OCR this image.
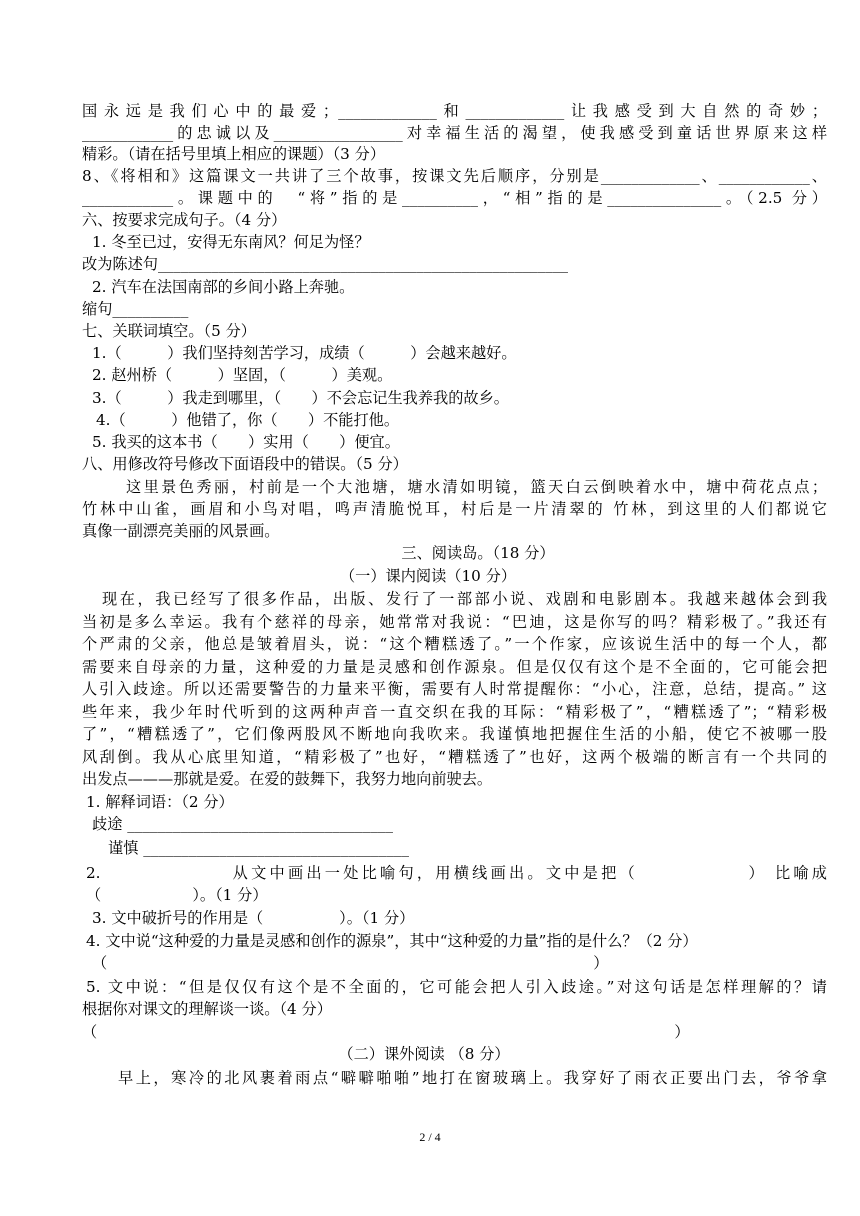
国永远是我们心中的最爱；_____________和_____________让我感受到大自然的奇妙；
____________的忠诚以及_________________对幸福生活的渴望，使我感受到童话世界原来这样
精彩。（请在括号里填上相应的课题）（3 分）
8、《将相和》这篇课文一共讲了三个故事，按课文先后顺序，分别是_____________、____________、
____________。课题中的　“将”指的是__________，“相”指的是_______________。（2.5 分）
六、按要求完成句子。（4 分）
1. 冬至已过，安得无东南风？何足为怪？
改为陈述句______________________________________________________
2. 汽车在法国南部的乡间小路上奔驰。
缩句__________
七、关联词填空。（5 分）
1.（　　　）我们坚持刻苦学习，成绩（　　　）会越来越好。
2. 赵州桥（　　　）坚固，（　　　）美观。
3.（　　　）我走到哪里，（　　）不会忘记生我养我的故乡。
4.（　　　）他错了，你（　　）不能打他。
5. 我买的这本书（　　）实用（　　）便宜。
八、用修改符号修改下面语段中的错误。（5 分）
这里景色秀丽，村前是一个大池塘，塘水清如明镜，篮天白云倒映着水中，塘中荷花点点；
竹林中山雀，画眉和小鸟对唱，鸣声清脆悦耳，村后是一片清翠的 竹林，到这里的人们都说它
真像一副漂亮美丽的风景画。
三、阅读岛。（18 分）
（一）课内阅读（10 分）
现在，我已经写了很多作品，出版、发行了一部部小说、戏剧和电影剧本。我越来越体会到我
当初是多么幸运。我有个慈祥的母亲，她常常对我说：“巴迪，这是你写的吗？精彩极了。”我还有
个严肃的父亲，他总是皱着眉头，说：“这个糟糕透了。”一个作家，应该说生活中的每一个人，都
需要来自母亲的力量，这种爱的力量是灵感和创作源泉。但是仅仅有这个是不全面的，它可能会把
人引入歧途。所以还需要警告的力量来平衡，需要有人时常提醒你：“小心，注意，总结，提高。” 这
些年来，我少年时代听到的这两种声音一直交织在我的耳际：“精彩极了”，“糟糕透了”；“精彩极
了”，“糟糕透了”，它们像两股风不断地向我吹来。我谨慎地把握住生活的小船，使它不被哪一股
风刮倒。我从心底里知道，“精彩极了”也好，“糟糕透了”也好，这两个极端的断言有一个共同的
出发点———那就是爱。在爱的鼓舞下，我努力地向前驶去。
1. 解释词语：（2 分）
歧途 ___________________________________
谨慎 ___________________________________
2.　　　　　　　从文中画出一处比喻句，用横线画出。文中是把（　　　　　　） 比喻成
（　　　　　　）。（1 分）
3. 文中破折号的作用是（　　　　　）。（1 分）
4. 文中说“这种爱的力量是灵感和创作的源泉”，其中“这种爱的力量”指的是什么？（2 分）
（　　　　　　　　　　　　　　　　　　　　　　　　　　　　　　　　）
5. 文中说：“但是仅仅有这个是不全面的，它可能会把人引入歧途。”对这句话是怎样理解的？请
根据你对课文的理解谈一谈。（4 分）
（　　　　　　　　　　　　　　　　　　　　　　　　　　　　　　　　　　　　　　）
（二）课外阅读 （8 分）
早上，寒冷的北风裹着雨点“噼噼啪啪”地打在窗玻璃上。我穿好了雨衣正要出门去，爷爷拿
2 / 4
